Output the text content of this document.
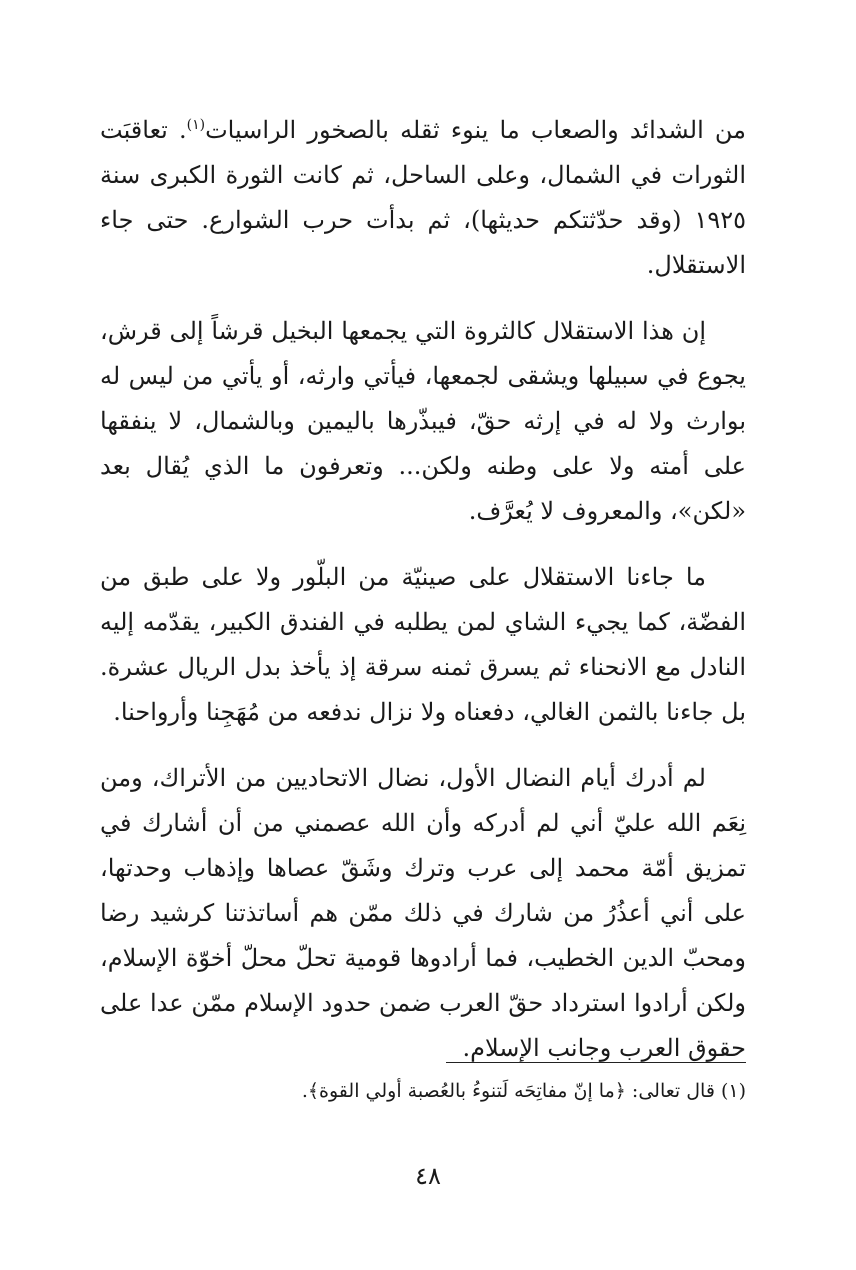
من الشدائد والصعاب ما ينوء ثقله بالصخور الراسيات$^{(١)}$. تعاقبَت الثورات في الشمال، وعلى الساحل، ثم كانت الثورة الكبرى سنة ١٩٢٥ (وقد حدّثتكم حديثها)، ثم بدأت حرب الشوارع. حتى جاء الاستقلال.

إن هذا الاستقلال كالثروة التي يجمعها البخيل قرشاً إلى قرش، يجوع في سبيلها ويشقى لجمعها، فيأتي وارثه، أو يأتي من ليس له بوارث ولا له في إرثه حقّ، فيبذّرها باليمين وبالشمال، لا ينفقها على أمته ولا على وطنه ولكن... وتعرفون ما الذي يُقال بعد «لكن»، والمعروف لا يُعرَّف.

ما جاءنا الاستقلال على صينيّة من البلّور ولا على طبق من الفضّة، كما يجيء الشاي لمن يطلبه في الفندق الكبير، يقدّمه إليه النادل مع الانحناء ثم يسرق ثمنه سرقة إذ يأخذ بدل الريال عشرة. بل جاءنا بالثمن الغالي، دفعناه ولا نزال ندفعه من مُهَجِنا وأرواحنا.

لم أدرك أيام النضال الأول، نضال الاتحاديين من الأتراك، ومن نِعَم الله عليّ أني لم أدركه وأن الله عصمني من أن أشارك في تمزيق أمّة محمد إلى عرب وترك وشَقّ عصاها وإذهاب وحدتها، على أني أعذُرُ من شارك في ذلك ممّن هم أساتذتنا كرشيد رضا ومحبّ الدين الخطيب، فما أرادوها قومية تحلّ محلّ أخوّة الإسلام، ولكن أرادوا استرداد حقّ العرب ضمن حدود الإسلام ممّن عدا على حقوق العرب وجانب الإسلام.

(١) قال تعالى: ﴿ما إنّ مفاتِحَه لَتنوءُ بالعُصبة أولي القوة﴾.
٤٨
